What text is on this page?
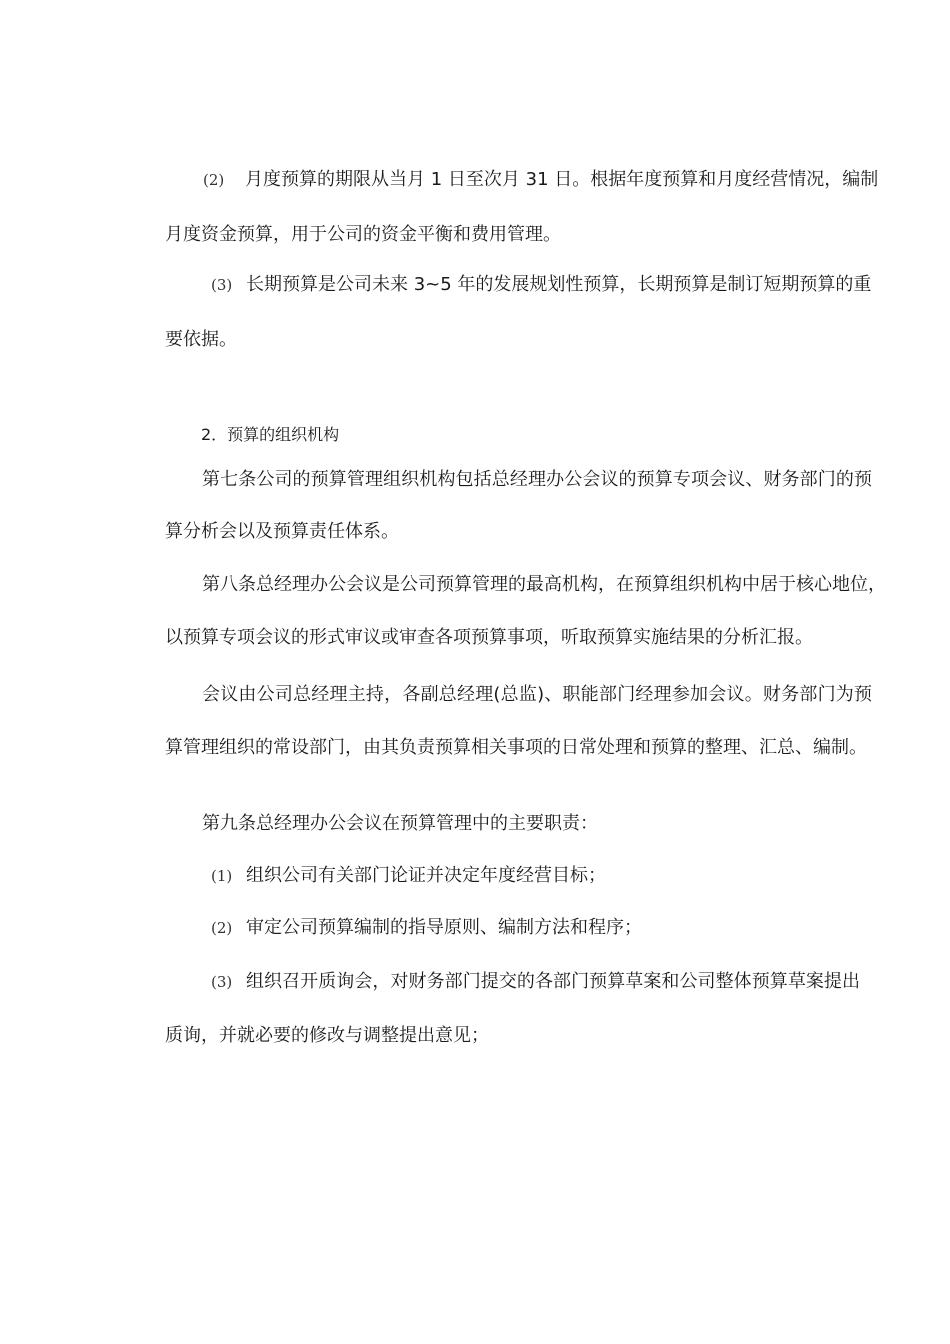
(2) 月度预算的期限从当月 1 日至次月 31 日。根据年度预算和月度经营情况，编制

月度资金预算，用于公司的资金平衡和费用管理。

(3) 长期预算是公司未来 3~5 年的发展规划性预算，长期预算是制订短期预算的重

要依据。

2．预算的组织机构

第七条公司的预算管理组织机构包括总经理办公会议的预算专项会议、财务部门的预

算分析会以及预算责任体系。

第八条总经理办公会议是公司预算管理的最高机构，在预算组织机构中居于核心地位，

以预算专项会议的形式审议或审查各项预算事项，听取预算实施结果的分析汇报。

会议由公司总经理主持，各副总经理(总监)、职能部门经理参加会议。财务部门为预

算管理组织的常设部门，由其负责预算相关事项的日常处理和预算的整理、汇总、编制。

第九条总经理办公会议在预算管理中的主要职责：

(1) 组织公司有关部门论证并决定年度经营目标；

(2) 审定公司预算编制的指导原则、编制方法和程序；

(3) 组织召开质询会，对财务部门提交的各部门预算草案和公司整体预算草案提出

质询，并就必要的修改与调整提出意见；
